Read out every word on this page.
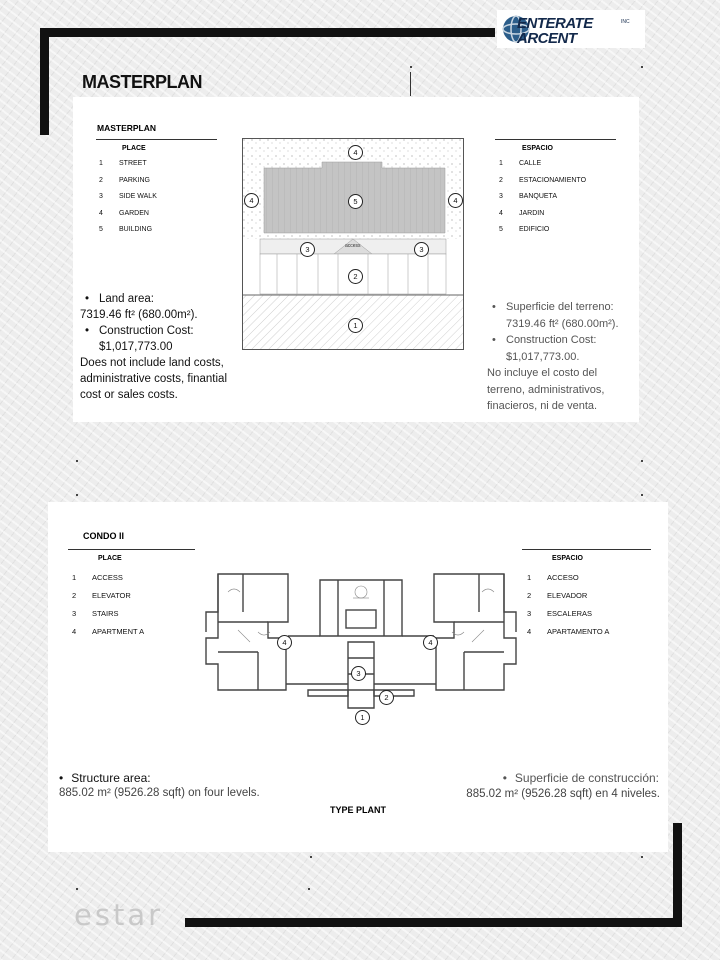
ENTERATE
ARCENT
INC
MASTERPLAN
MASTERPLAN
PLACE
1 STREET
2 PARKING
3 SIDE WALK
4 GARDEN
5 BUILDING
ESPACIO
1 CALLE
2 ESTACIONAMIENTO
3 BANQUETA
4 JARDIN
5 EDIFICIO
access
4
4	5	4
3	3
2
1
• Land area:
7319.46 ft² (680.00m²).
• Construction Cost:
$1,017,773.00
Does not include land costs, administrative costs, finantial cost or sales costs.
• Superficie del terreno: 7319.46 ft² (680.00m²).
• Construction Cost:
$1,017,773.00.
No incluye el costo del terreno, administrativos, finacieros, ni de venta.
CONDO II
PLACE
1 ACCESS
2 ELEVATOR
3 STAIRS
4 APARTMENT A
ESPACIO
1 ACCESO
2 ELEVADOR
3 ESCALERAS
4 APARTAMENTO A
4	4
3
2
1
• Structure area:
885.02 m² (9526.28 sqft) on four levels.
TYPE PLANT
• Superficie de construcción:
885.02 m² (9526.28 sqft) en 4 niveles.
estar
